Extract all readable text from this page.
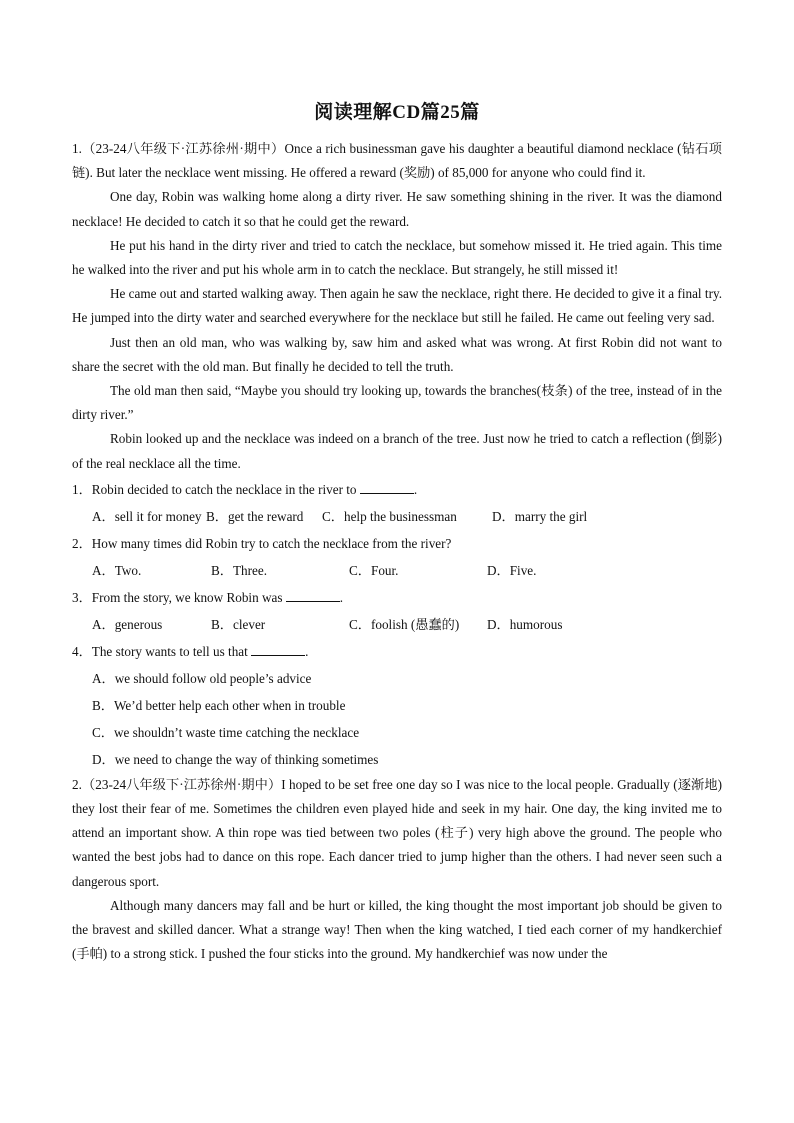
阅读理解CD篇25篇

1.（23-24八年级下·江苏徐州·期中）Once a rich businessman gave his daughter a beautiful diamond necklace (钻石项链). But later the necklace went missing. He offered a reward (奖励) of 85,000 for anyone who could find it.

One day, Robin was walking home along a dirty river. He saw something shining in the river. It was the diamond necklace! He decided to catch it so that he could get the reward.

He put his hand in the dirty river and tried to catch the necklace, but somehow missed it. He tried again. This time he walked into the river and put his whole arm in to catch the necklace. But strangely, he still missed it!

He came out and started walking away. Then again he saw the necklace, right there. He decided to give it a final try. He jumped into the dirty water and searched everywhere for the necklace but still he failed. He came out feeling very sad.

Just then an old man, who was walking by, saw him and asked what was wrong. At first Robin did not want to share the secret with the old man. But finally he decided to tell the truth.

The old man then said, “Maybe you should try looking up, towards the branches(枝条) of the tree, instead of in the dirty river.”

Robin looked up and the necklace was indeed on a branch of the tree. Just now he tried to catch a reflection (倒影) of the real necklace all the time.

1．Robin decided to catch the necklace in the river to	.

A．sell it for money B．get the reward	C．help the businessman	D．marry the girl

2．How many times did Robin try to catch the necklace from the river?

A．Two.	B．Three.	C．Four.	D．Five.

3．From the story, we know Robin was	.

A．generous	B．clever	C．foolish (愚蠢的)	D．humorous

4．The story wants to tell us that	.

A．we should follow old people’s advice
B．We’d better help each other when in trouble
C．we shouldn’t waste time catching the necklace
D．we need to change the way of thinking sometimes

2.（23-24八年级下·江苏徐州·期中）I hoped to be set free one day so I was nice to the local people. Gradually (逐渐地) they lost their fear of me. Sometimes the children even played hide and seek in my hair. One day, the king invited me to attend an important show. A thin rope was tied between two poles (柱子) very high above the ground. The people who wanted the best jobs had to dance on this rope. Each dancer tried to jump higher than the others. I had never seen such a dangerous sport.

Although many dancers may fall and be hurt or killed, the king thought the most important job should be given to the bravest and skilled dancer. What a strange way! Then when the king watched, I tied each corner of my handkerchief (手帕) to a strong stick. I pushed the four sticks into the ground. My handkerchief was now under the
